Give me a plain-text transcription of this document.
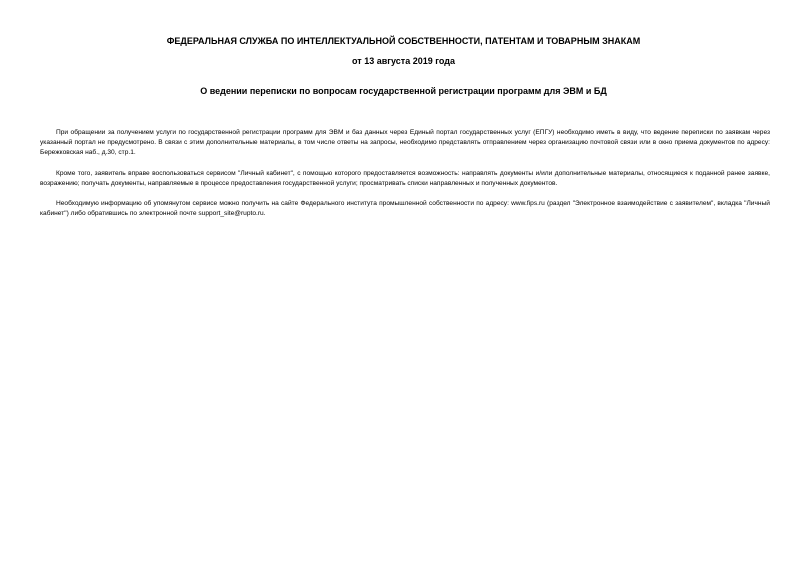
ФЕДЕРАЛЬНАЯ СЛУЖБА ПО ИНТЕЛЛЕКТУАЛЬНОЙ СОБСТВЕННОСТИ, ПАТЕНТАМ И ТОВАРНЫМ ЗНАКАМ
от 13 августа 2019 года
О ведении переписки по вопросам государственной регистрации программ для ЭВМ и БД

При обращении за получением услуги по государственной регистрации программ для ЭВМ и баз данных через Единый портал государственных услуг (ЕПГУ) необходимо иметь в виду, что ведение переписки по заявкам через указанный портал не предусмотрено. В связи с этим дополнительные материалы, в том числе ответы на запросы, необходимо представлять отправлением через организацию почтовой связи или в окно приема документов по адресу: Бережковская наб., д.30, стр.1.

Кроме того, заявитель вправе воспользоваться сервисом "Личный кабинет", с помощью которого предоставляется возможность: направлять документы и/или дополнительные материалы, относящиеся к поданной ранее заявке, возражению; получать документы, направляемые в процессе предоставления государственной услуги; просматривать списки направленных и полученных документов.

Необходимую информацию об упомянутом сервисе можно получить на сайте Федерального института промышленной собственности по адресу: www.fips.ru (раздел "Электронное взаимодействие с заявителем", вкладка "Личный кабинет") либо обратившись по электронной почте support_site@rupto.ru.
